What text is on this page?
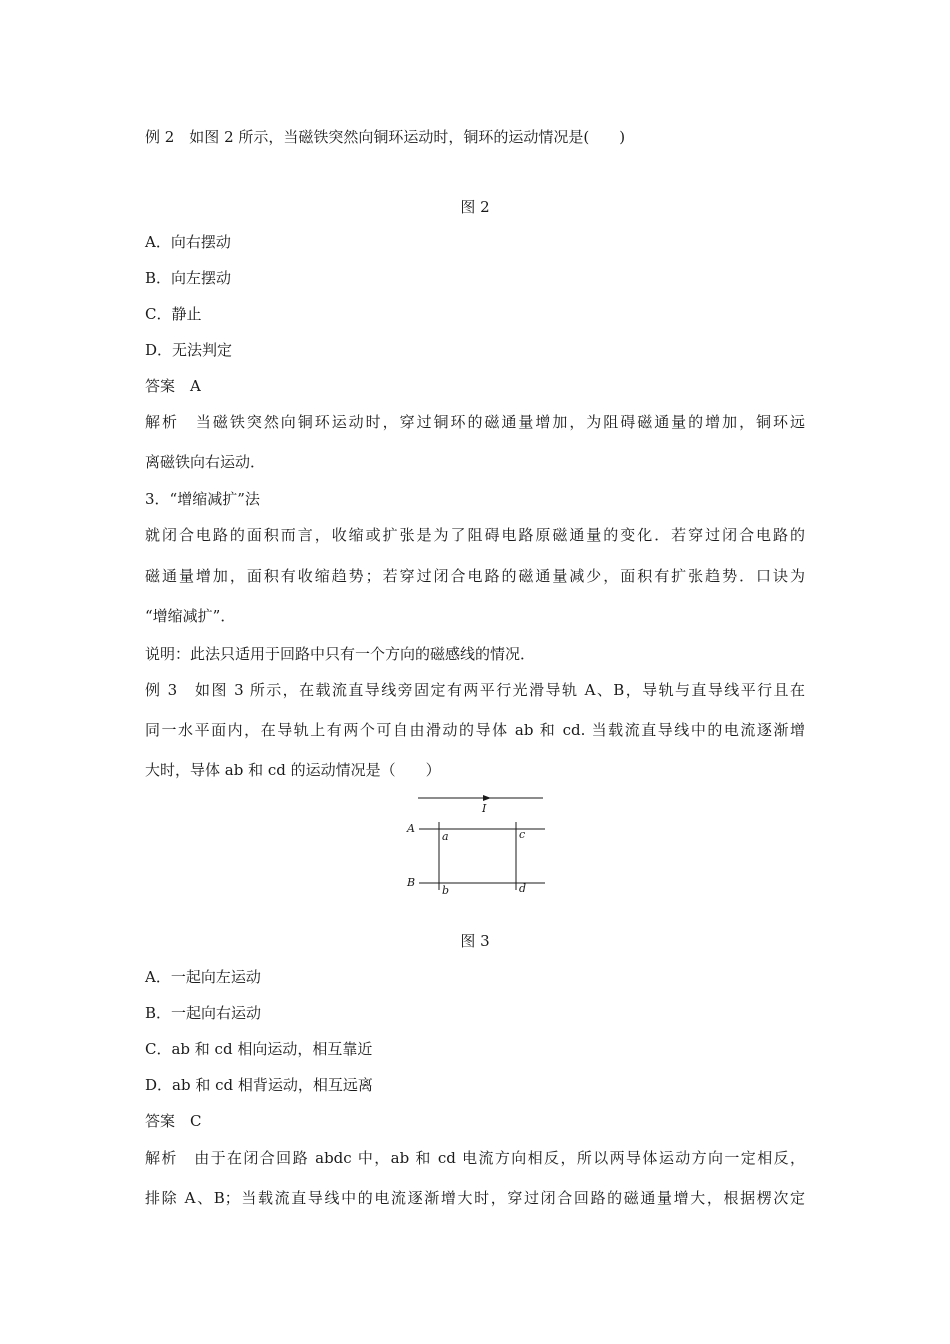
例 2　如图 2 所示，当磁铁突然向铜环运动时，铜环的运动情况是(　　)
图 2
A．向右摆动
B．向左摆动
C．静止
D．无法判定
答案　A
解析　当磁铁突然向铜环运动时，穿过铜环的磁通量增加，为阻碍磁通量的增加，铜环远
离磁铁向右运动．
3．“增缩减扩”法
就闭合电路的面积而言，收缩或扩张是为了阻碍电路原磁通量的变化．若穿过闭合电路的
磁通量增加，面积有收缩趋势；若穿过闭合电路的磁通量减少，面积有扩张趋势．口诀为
“增缩减扩”．
说明：此法只适用于回路中只有一个方向的磁感线的情况．
例 3　如图 3 所示，在载流直导线旁固定有两平行光滑导轨 A、B，导轨与直导线平行且在
同一水平面内，在导轨上有两个可自由滑动的导体 ab 和 cd. 当载流直导线中的电流逐渐增
大时，导体 ab 和 cd 的运动情况是（　　）
I
A
B
a
b
c
d
图 3
A．一起向左运动
B．一起向右运动
C．ab 和 cd 相向运动，相互靠近
D．ab 和 cd 相背运动，相互远离
答案　C
解析　由于在闭合回路 abdc 中，ab 和 cd 电流方向相反，所以两导体运动方向一定相反，
排除 A、B；当载流直导线中的电流逐渐增大时，穿过闭合回路的磁通量增大，根据楞次定
